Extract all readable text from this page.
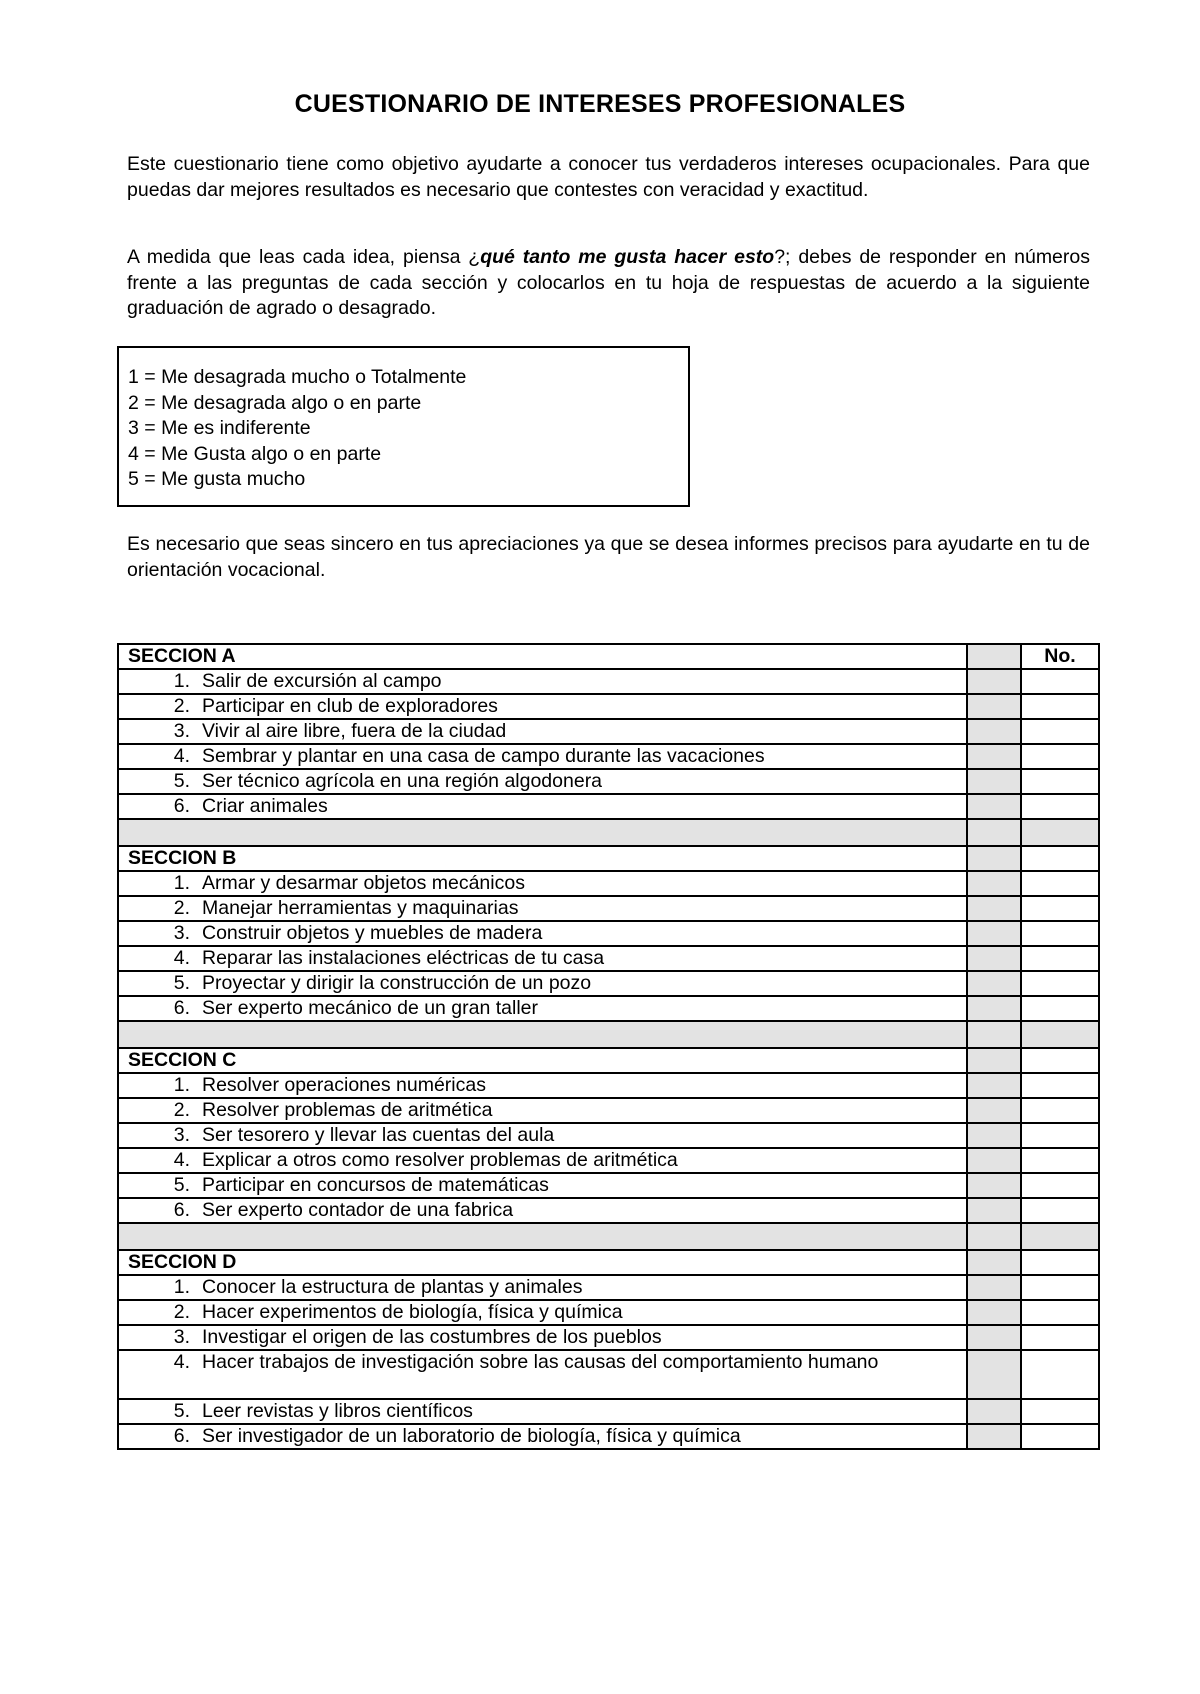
CUESTIONARIO DE INTERESES PROFESIONALES

Este cuestionario tiene como objetivo ayudarte a conocer tus verdaderos intereses ocupacionales. Para que puedas dar mejores resultados es necesario que contestes con veracidad y exactitud.

A medida que leas cada idea, piensa ¿qué tanto me gusta hacer esto?; debes de responder en números frente a las preguntas de cada sección y colocarlos en tu hoja de respuestas de acuerdo a la siguiente graduación de agrado o desagrado.

1 = Me desagrada mucho o Totalmente
2 = Me desagrada algo o en parte
3 = Me es indiferente
4 = Me Gusta algo o en parte
5 = Me gusta mucho

Es necesario que seas sincero en tus apreciaciones ya que se desea informes precisos para ayudarte en tu de orientación vocacional.

SECCION A		No.

1. Salir de excursión al campo		

2. Participar en club de exploradores		

3. Vivir al aire libre, fuera de la ciudad		

4. Sembrar y plantar en una casa de campo durante las vacaciones		

5. Ser técnico agrícola en una región algodonera		

6. Criar animales		

SECCION B		

1. Armar y desarmar objetos mecánicos		

2. Manejar herramientas y maquinarias		

3. Construir objetos y muebles de madera		

4. Reparar las instalaciones eléctricas de tu casa		

5. Proyectar y dirigir la construcción de un pozo		

6. Ser experto mecánico de un gran taller		

SECCION C		

1. Resolver operaciones numéricas		

2. Resolver problemas de aritmética		

3. Ser tesorero y llevar las cuentas del aula		

4. Explicar a otros como resolver problemas de aritmética		

5. Participar en concursos de matemáticas		

6. Ser experto contador de una fabrica		

SECCION D		

1. Conocer la estructura de plantas y animales		

2. Hacer experimentos de biología, física y química		

3. Investigar el origen de las costumbres de los pueblos		

4. Hacer trabajos de investigación sobre las causas del comportamiento humano		

5. Leer revistas y libros científicos		

6. Ser investigador de un laboratorio de biología, física y química		
